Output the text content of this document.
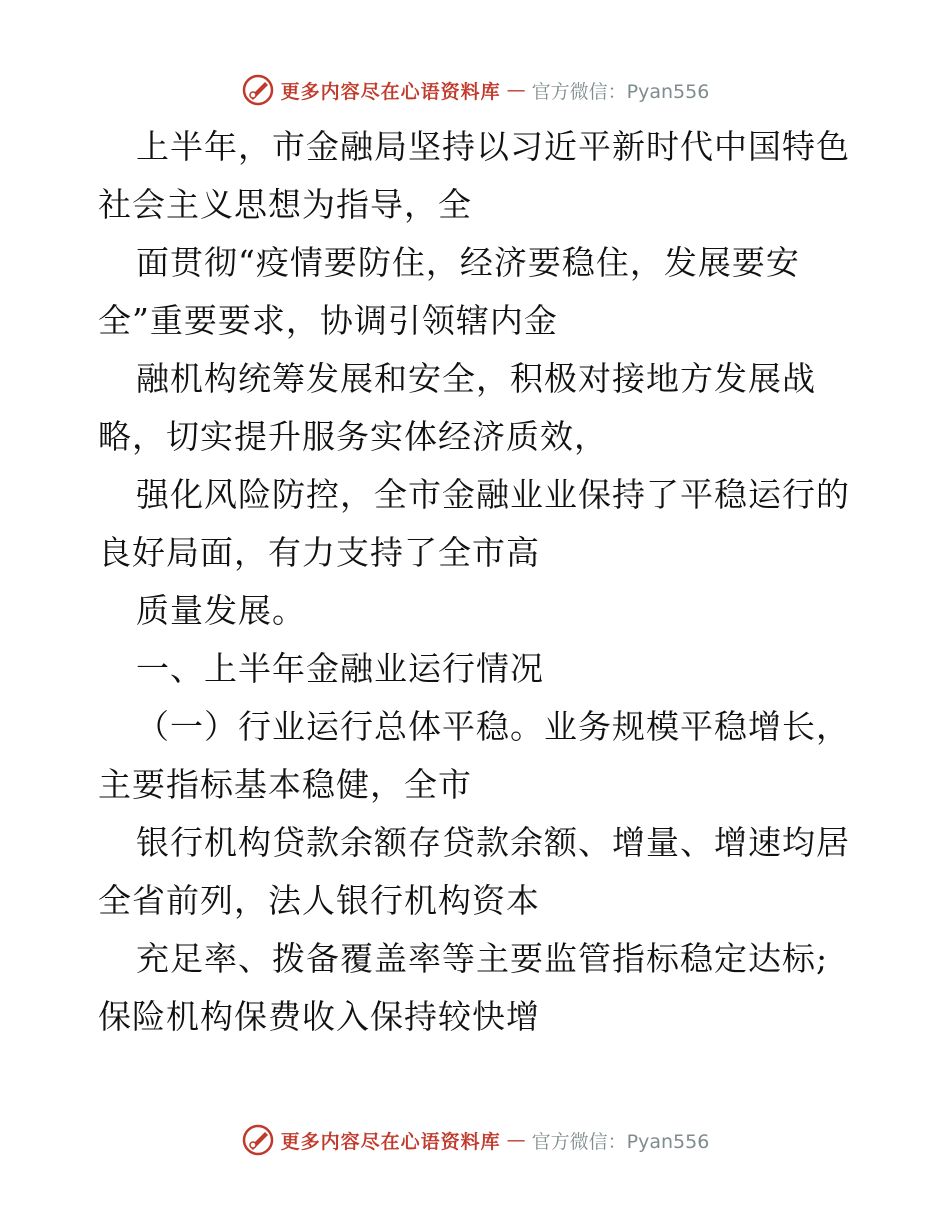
更多内容尽在心语资料库 — 官方微信：Pyan556
上半年，市金融局坚持以习近平新时代中国特色
社会主义思想为指导，全
面贯彻“疫情要防住，经济要稳住，发展要安
全”重要要求，协调引领辖内金
融机构统筹发展和安全，积极对接地方发展战
略，切实提升服务实体经济质效，
强化风险防控，全市金融业业保持了平稳运行的
良好局面，有力支持了全市高
质量发展。
一、上半年金融业运行情况
（一）行业运行总体平稳。业务规模平稳增长，
主要指标基本稳健，全市
银行机构贷款余额存贷款余额、增量、增速均居
全省前列，法人银行机构资本
充足率、拨备覆盖率等主要监管指标稳定达标;
保险机构保费收入保持较快增
更多内容尽在心语资料库 — 官方微信：Pyan556
